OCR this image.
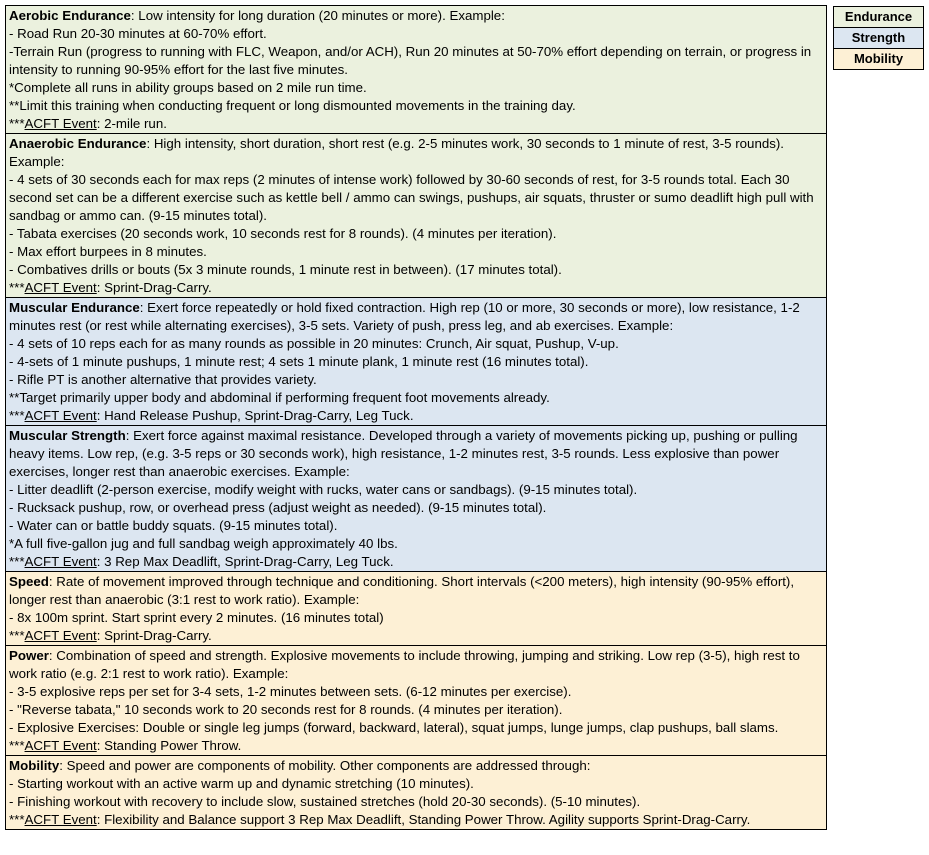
Aerobic Endurance: Low intensity for long duration (20 minutes or more). Example:
- Road Run 20-30 minutes at 60-70% effort.
-Terrain Run (progress to running with FLC, Weapon, and/or ACH), Run 20 minutes at 50-70% effort depending on terrain, or progress in intensity to running 90-95% effort for the last five minutes.
*Complete all runs in ability groups based on 2 mile run time.
**Limit this training when conducting frequent or long dismounted movements in the training day.
***ACFT Event: 2-mile run.
Anaerobic Endurance: High intensity, short duration, short rest (e.g. 2-5 minutes work, 30 seconds to 1 minute of rest, 3-5 rounds). Example:
- 4 sets of 30 seconds each for max reps (2 minutes of intense work) followed by 30-60 seconds of rest, for 3-5 rounds total. Each 30 second set can be a different exercise such as kettle bell / ammo can swings, pushups, air squats, thruster or sumo deadlift high pull with sandbag or ammo can. (9-15 minutes total).
- Tabata exercises (20 seconds work, 10 seconds rest for 8 rounds). (4 minutes per iteration).
- Max effort burpees in 8 minutes.
- Combatives drills or bouts (5x 3 minute rounds, 1 minute rest in between). (17 minutes total).
***ACFT Event: Sprint-Drag-Carry.
Muscular Endurance: Exert force repeatedly or hold fixed contraction. High rep (10 or more, 30 seconds or more), low resistance, 1-2 minutes rest (or rest while alternating exercises), 3-5 sets. Variety of push, press leg, and ab exercises. Example:
- 4 sets of 10 reps each for as many rounds as possible in 20 minutes: Crunch, Air squat, Pushup, V-up.
- 4-sets of 1 minute pushups, 1 minute rest; 4 sets 1 minute plank, 1 minute rest (16 minutes total).
- Rifle PT is another alternative that provides variety.
**Target primarily upper body and abdominal if performing frequent foot movements already.
***ACFT Event: Hand Release Pushup, Sprint-Drag-Carry, Leg Tuck.
Muscular Strength: Exert force against maximal resistance. Developed through a variety of movements picking up, pushing or pulling heavy items. Low rep, (e.g. 3-5 reps or 30 seconds work), high resistance, 1-2 minutes rest, 3-5 rounds. Less explosive than power exercises, longer rest than anaerobic exercises. Example:
- Litter deadlift (2-person exercise, modify weight with rucks, water cans or sandbags). (9-15 minutes total).
- Rucksack pushup, row, or overhead press (adjust weight as needed). (9-15 minutes total).
- Water can or battle buddy squats. (9-15 minutes total).
*A full five-gallon jug and full sandbag weigh approximately 40 lbs.
***ACFT Event: 3 Rep Max Deadlift, Sprint-Drag-Carry, Leg Tuck.
Speed: Rate of movement improved through technique and conditioning. Short intervals (<200 meters), high intensity (90-95% effort), longer rest than anaerobic (3:1 rest to work ratio). Example:
- 8x 100m sprint. Start sprint every 2 minutes. (16 minutes total)
***ACFT Event: Sprint-Drag-Carry.
Power: Combination of speed and strength. Explosive movements to include throwing, jumping and striking. Low rep (3-5), high rest to work ratio (e.g. 2:1 rest to work ratio). Example:
- 3-5 explosive reps per set for 3-4 sets, 1-2 minutes between sets. (6-12 minutes per exercise).
- "Reverse tabata," 10 seconds work to 20 seconds rest for 8 rounds. (4 minutes per iteration).
- Explosive Exercises: Double or single leg jumps (forward, backward, lateral), squat jumps, lunge jumps, clap pushups, ball slams.
***ACFT Event: Standing Power Throw.
Mobility: Speed and power are components of mobility. Other components are addressed through:
- Starting workout with an active warm up and dynamic stretching (10 minutes).
- Finishing workout with recovery to include slow, sustained stretches (hold 20-30 seconds). (5-10 minutes).
***ACFT Event: Flexibility and Balance support 3 Rep Max Deadlift, Standing Power Throw. Agility supports Sprint-Drag-Carry.
Endurance
Strength
Mobility
